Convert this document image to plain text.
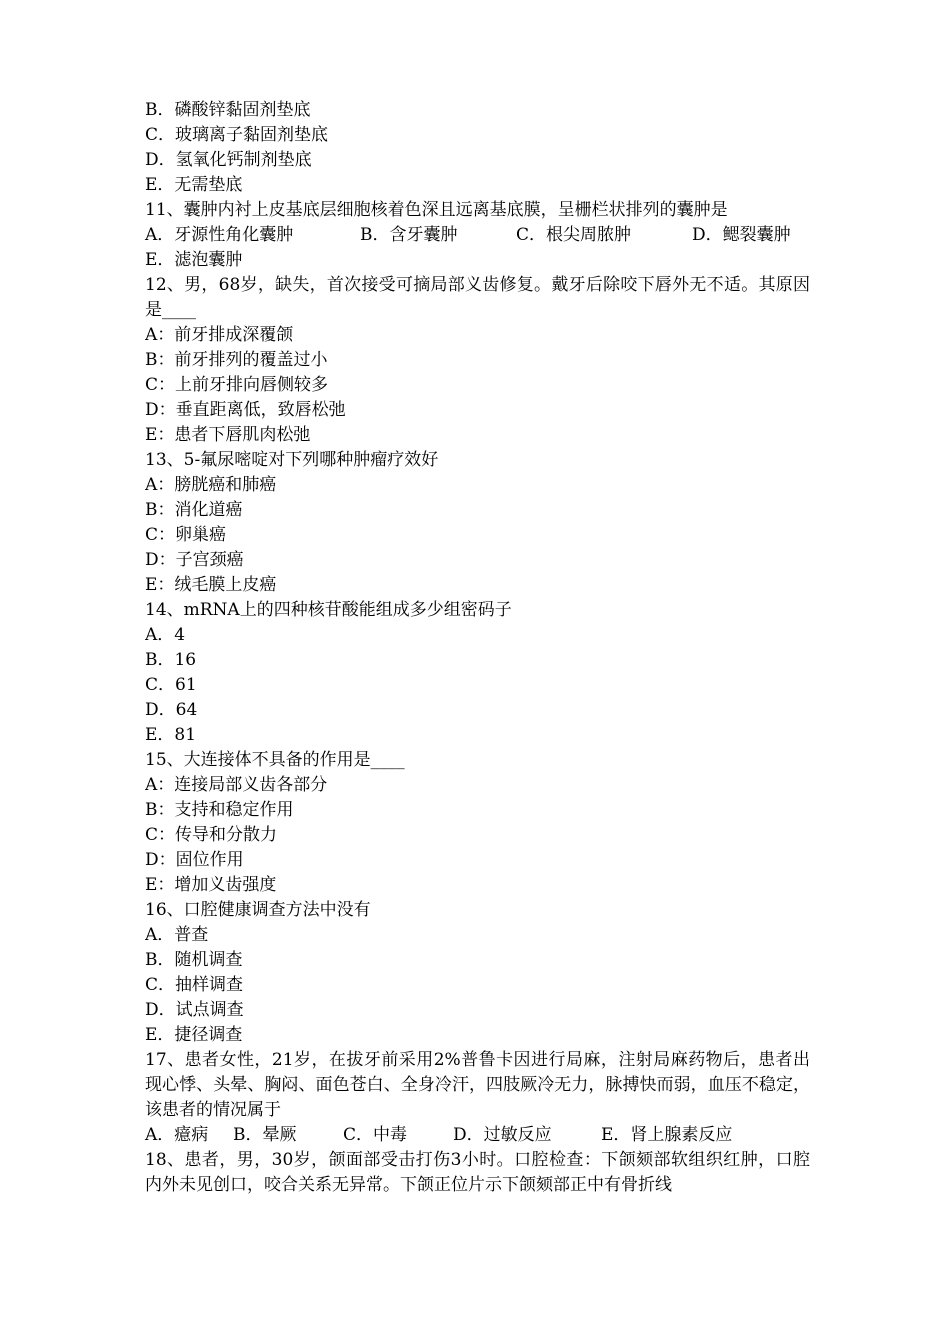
B．磷酸锌黏固剂垫底
C．玻璃离子黏固剂垫底
D．氢氧化钙制剂垫底
E．无需垫底
11、囊肿内衬上皮基底层细胞核着色深且远离基底膜，呈栅栏状排列的囊肿是
A．牙源性角化囊肿	B．含牙囊肿	C．根尖周脓肿	D．鳃裂囊肿
E．滤泡囊肿
12、男，68岁，缺失，首次接受可摘局部义齿修复。戴牙后除咬下唇外无不适。其原因是____
A：前牙排成深覆颌
B：前牙排列的覆盖过小
C：上前牙排向唇侧较多
D：垂直距离低，致唇松弛
E：患者下唇肌肉松弛
13、5-氟尿嘧啶对下列哪种肿瘤疗效好
A：膀胱癌和肺癌
B：消化道癌
C：卵巢癌
D：子宫颈癌
E：绒毛膜上皮癌
14、mRNA上的四种核苷酸能组成多少组密码子
A．4
B．16
C．61
D．64
E．81
15、大连接体不具备的作用是____
A：连接局部义齿各部分
B：支持和稳定作用
C：传导和分散力
D：固位作用
E：增加义齿强度
16、口腔健康调查方法中没有
A．普查
B．随机调查
C．抽样调查
D．试点调查
E．捷径调查
17、患者女性，21岁，在拔牙前采用2%普鲁卡因进行局麻，注射局麻药物后，患者出现心悸、头晕、胸闷、面色苍白、全身冷汗，四肢厥冷无力，脉搏快而弱，血压不稳定，该患者的情况属于
A．癔病	B．晕厥	C．中毒	D．过敏反应	E．肾上腺素反应
18、患者，男，30岁，颌面部受击打伤3小时。口腔检查：下颌颏部软组织红肿，口腔内外未见创口，咬合关系无异常。下颌正位片示下颌颏部正中有骨折线
